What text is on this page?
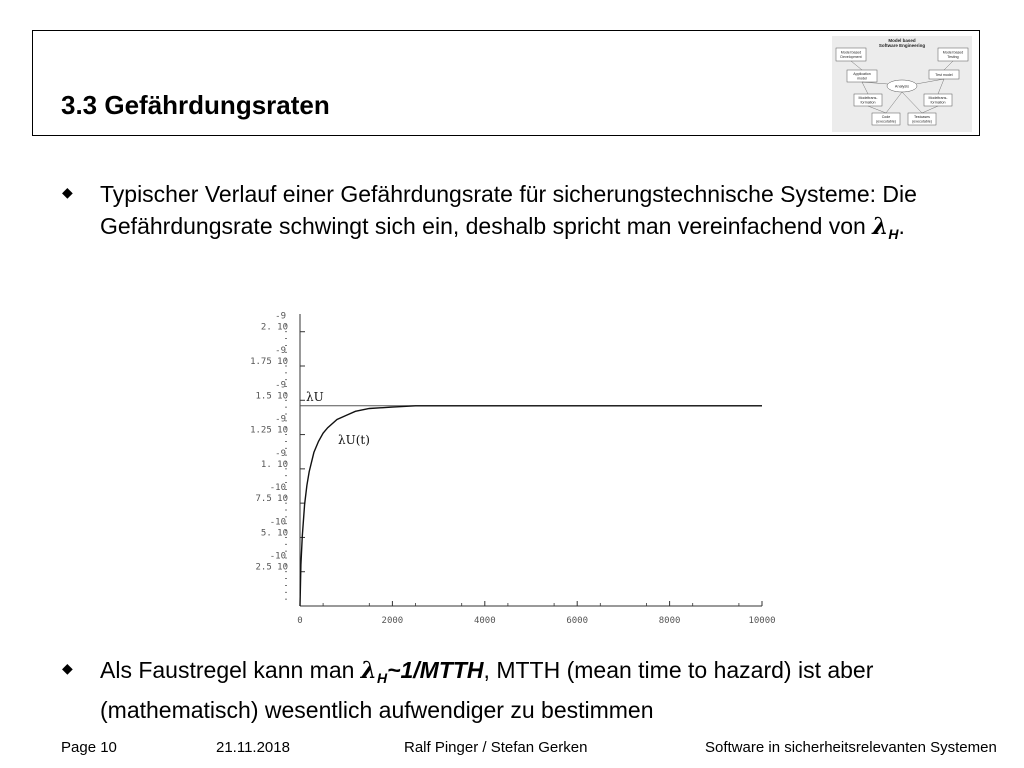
3.3 Gefährdungsraten
Model based
Software Engineering
Model based
Development
Model based
Testing
Application
model
Test model
Analysis
Modeltrans-
formation
Modeltrans-
formation
Code
(executable)
Testcases
(executable)
◆ Typischer Verlauf einer Gefährdungsrate für sicherungstechnische Systeme: Die Gefährdungsrate schwingt sich ein, deshalb spricht man vereinfachend von $\lambda_H$.

0	2000	4000	6000	8000	10000
2.5 10
-10
5. 10
-10
7.5 10
-10
1. 10
-9
1.25 10
-9
1.5 10
-9
1.75 10
-9
2. 10
-9
λU
λU(t)
◆ Als Faustregel kann man $\lambda_H\sim 1$/MTTH, MTTH (mean time to hazard) ist aber (mathematisch) wesentlich aufwendiger zu bestimmen

Page 10	21.11.2018	Ralf Pinger / Stefan Gerken	Software in sicherheitsrelevanten Systemen
